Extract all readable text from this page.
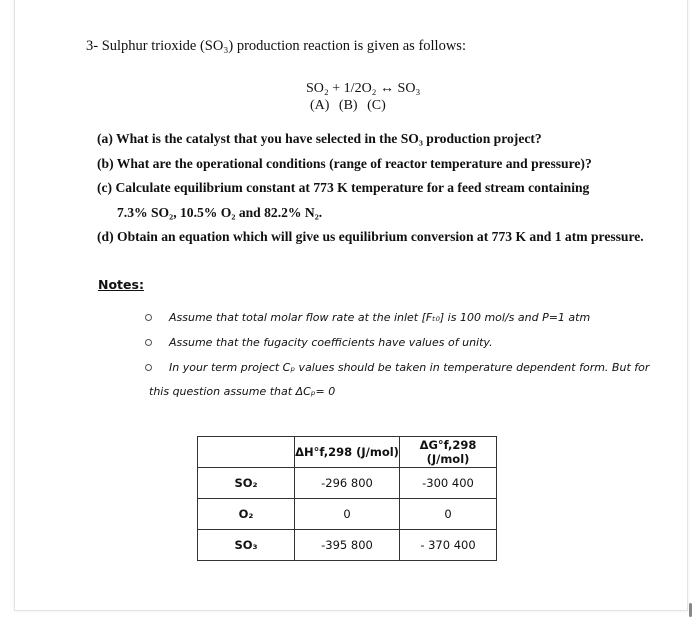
3- Sulphur trioxide (SO₃) production reaction is given as follows:
SO₂ + 1/2O₂ ↔ SO₃
(A) (B) (C)
(a) What is the catalyst that you have selected in the SO₃ production project?
(b) What are the operational conditions (range of reactor temperature and pressure)?
(c) Calculate equilibrium constant at 773 K temperature for a feed stream containing
7.3% SO₂, 10.5% O₂ and 82.2% N₂.
(d) Obtain an equation which will give us equilibrium conversion at 773 K and 1 atm pressure.
Notes:
Assume that total molar flow rate at the inlet [Fₜ₀] is 100 mol/s and P=1 atm
Assume that the fugacity coefficients have values of unity.
In your term project Cₚ values should be taken in temperature dependent form. But for
this question assume that ΔCₚ= 0
	ΔH°f,298 (J/mol)	ΔG°f,298 (J/mol)
SO₂	-296 800	-300 400
O₂	0	0
SO₃	-395 800	- 370 400
